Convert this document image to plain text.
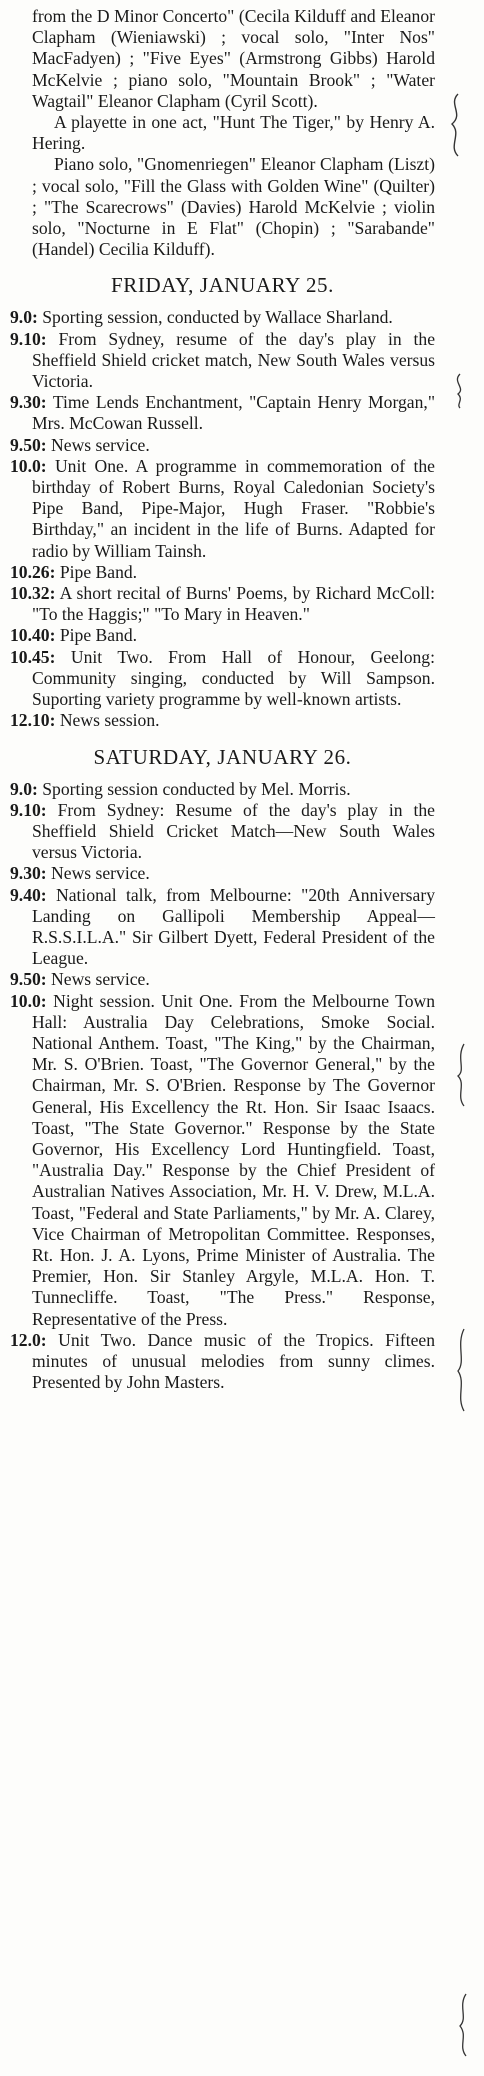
from the D Minor Concerto" (Cecila Kilduff and Eleanor Clapham (Wieniawski) ; vocal solo, "Inter Nos" MacFadyen) ; "Five Eyes" (Armstrong Gibbs) Harold McKelvie ; piano solo, "Mountain Brook" ; "Water Wagtail" Eleanor Clapham (Cyril Scott).

A playette in one act, "Hunt The Tiger," by Henry A. Hering.

Piano solo, "Gnomenriegen" Eleanor Clapham (Liszt) ; vocal solo, "Fill the Glass with Golden Wine" (Quilter) ; "The Scarecrows" (Davies) Harold McKelvie ; violin solo, "Nocturne in E Flat" (Chopin) ; "Sarabande" (Handel) Cecilia Kilduff).

FRIDAY, JANUARY 25.

9.0: Sporting session, conducted by Wallace Sharland.

9.10: From Sydney, resume of the day's play in the Sheffield Shield cricket match, New South Wales versus Victoria.

9.30: Time Lends Enchantment, "Captain Henry Morgan," Mrs. McCowan Russell.

9.50: News service.

10.0: Unit One. A programme in commemoration of the birthday of Robert Burns, Royal Caledonian Society's Pipe Band, Pipe-Major, Hugh Fraser. "Robbie's Birthday," an incident in the life of Burns. Adapted for radio by William Tainsh.

10.26: Pipe Band.

10.32: A short recital of Burns' Poems, by Richard McColl: "To the Haggis;" "To Mary in Heaven."

10.40: Pipe Band.

10.45: Unit Two. From Hall of Honour, Geelong: Community singing, conducted by Will Sampson. Suporting variety programme by well-known artists.

12.10: News session.

SATURDAY, JANUARY 26.

9.0: Sporting session conducted by Mel. Morris.

9.10: From Sydney: Resume of the day's play in the Sheffield Shield Cricket Match—New South Wales versus Victoria.

9.30: News service.

9.40: National talk, from Melbourne: "20th Anniversary Landing on Gallipoli Membership Appeal—R.S.S.I.L.A." Sir Gilbert Dyett, Federal President of the League.

9.50: News service.

10.0: Night session. Unit One. From the Melbourne Town Hall: Australia Day Celebrations, Smoke Social. National Anthem. Toast, "The King," by the Chairman, Mr. S. O'Brien. Toast, "The Governor General," by the Chairman, Mr. S. O'Brien. Response by The Governor General, His Excellency the Rt. Hon. Sir Isaac Isaacs. Toast, "The State Governor." Response by the State Governor, His Excellency Lord Huntingfield. Toast, "Australia Day." Response by the Chief President of Australian Natives Association, Mr. H. V. Drew, M.L.A. Toast, "Federal and State Parliaments," by Mr. A. Clarey, Vice Chairman of Metropolitan Committee. Responses, Rt. Hon. J. A. Lyons, Prime Minister of Australia. The Premier, Hon. Sir Stanley Argyle, M.L.A. Hon. T. Tunnecliffe. Toast, "The Press." Response, Representative of the Press.

12.0: Unit Two. Dance music of the Tropics. Fifteen minutes of unusual melodies from sunny climes. Presented by John Masters.
